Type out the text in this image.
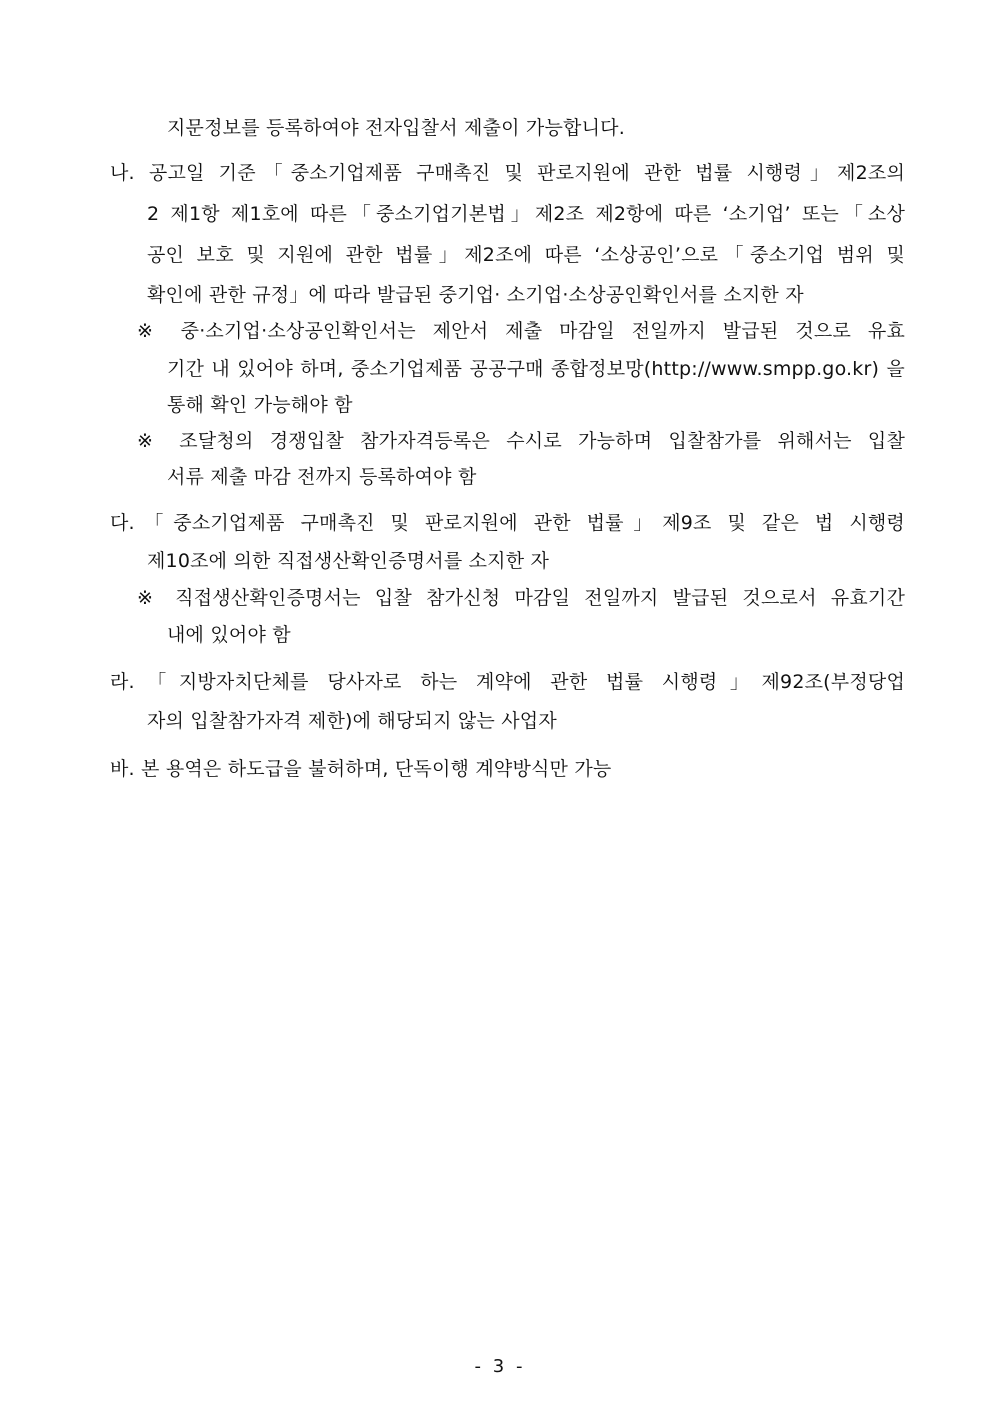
지문정보를 등록하여야 전자입찰서 제출이 가능합니다.
나. 공고일 기준「중소기업제품 구매촉진 및 판로지원에 관한 법률 시행령」제2조의
2 제1항 제1호에 따른「중소기업기본법」제2조 제2항에 따른 ‘소기업’ 또는「소상
공인 보호 및 지원에 관한 법률」제2조에 따른 ‘소상공인’으로「중소기업 범위 및
확인에 관한 규정」에 따라 발급된 중기업· 소기업·소상공인확인서를 소지한 자
※ 중·소기업·소상공인확인서는 제안서 제출 마감일 전일까지 발급된 것으로 유효
기간 내 있어야 하며, 중소기업제품 공공구매 종합정보망(http://www.smpp.go.kr) 을
통해 확인 가능해야 함
※ 조달청의 경쟁입찰 참가자격등록은 수시로 가능하며 입찰참가를 위해서는 입찰
서류 제출 마감 전까지 등록하여야 함
다.「중소기업제품 구매촉진 및 판로지원에 관한 법률」제9조 및 같은 법 시행령
제10조에 의한 직접생산확인증명서를 소지한 자
※ 직접생산확인증명서는 입찰 참가신청 마감일 전일까지 발급된 것으로서 유효기간
내에 있어야 함
라.「지방자치단체를 당사자로 하는 계약에 관한 법률 시행령」제92조(부정당업
자의 입찰참가자격 제한)에 해당되지 않는 사업자
바. 본 용역은 하도급을 불허하며, 단독이행 계약방식만 가능
- 3 -
